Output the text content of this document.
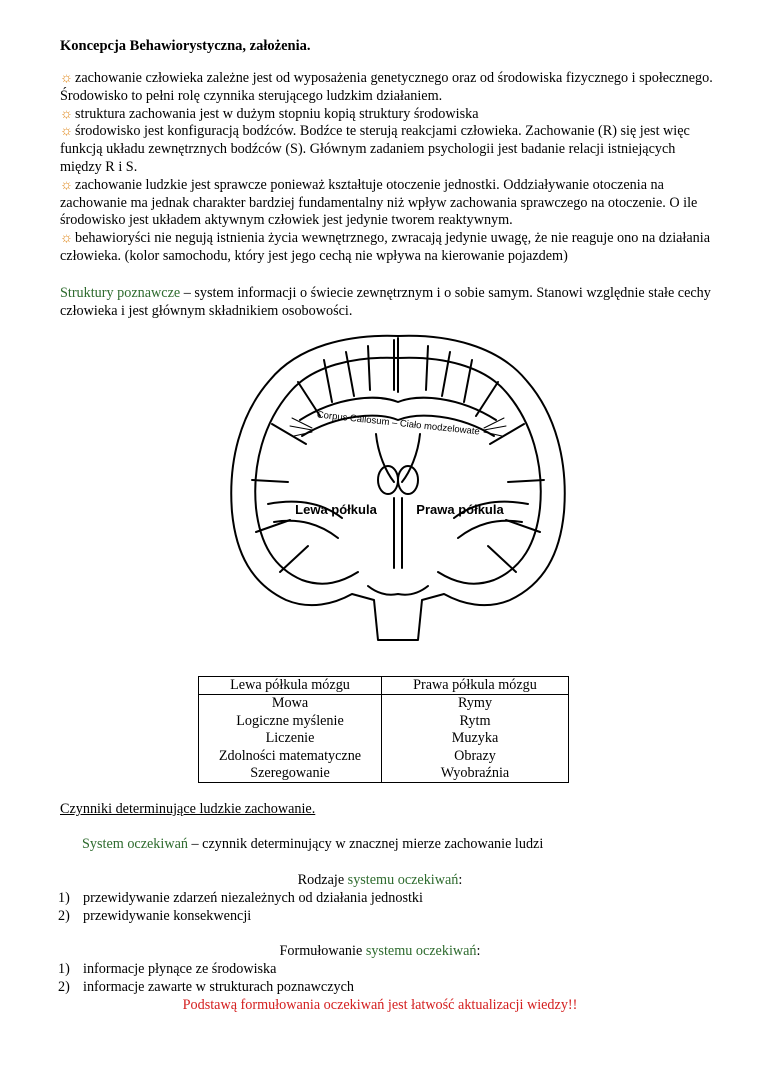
Koncepcja Behawiorystyczna, założenia.

☼ zachowanie człowieka zależne jest od wyposażenia genetycznego oraz od środowiska fizycznego i społecznego. Środowisko to pełni rolę czynnika sterującego ludzkim działaniem.

☼ struktura zachowania jest w dużym stopniu kopią struktury środowiska

☼ środowisko jest konfiguracją bodźców. Bodźce te sterują reakcjami człowieka. Zachowanie (R) się jest więc funkcją układu zewnętrznych bodźców (S). Głównym zadaniem psychologii jest badanie relacji istniejących między R i S.

☼ zachowanie ludzkie jest sprawcze ponieważ kształtuje otoczenie jednostki. Oddziaływanie otoczenia na zachowanie ma jednak charakter bardziej fundamentalny niż wpływ zachowania sprawczego na otoczenie. O ile środowisko jest układem aktywnym człowiek jest jedynie tworem reaktywnym.

☼ behawioryści nie negują istnienia życia wewnętrznego, zwracają jedynie uwagę, że nie reaguje ono na działania człowieka. (kolor samochodu, który jest jego cechą nie wpływa na kierowanie pojazdem)

Struktury poznawcze – system informacji o świecie zewnętrznym i o sobie samym. Stanowi względnie stałe cechy człowieka i jest głównym składnikiem osobowości.
Corpus Callosum – Ciało modzelowate
Lewa półkula	Prawa półkula
Lewa półkula mózgu	Prawa półkula mózgu
Mowa	Rymy
Logiczne myślenie	Rytm
Liczenie	Muzyka
Zdolności matematyczne	Obrazy
Szeregowanie	Wyobraźnia
Czynniki determinujące ludzkie zachowanie.
System oczekiwań – czynnik determinujący w znacznej mierze zachowanie ludzi
Rodzaje systemu oczekiwań:
1) przewidywanie zdarzeń niezależnych od działania jednostki
2) przewidywanie konsekwencji
Formułowanie systemu oczekiwań:
1) informacje płynące ze środowiska
2) informacje zawarte w strukturach poznawczych
Podstawą formułowania oczekiwań jest łatwość aktualizacji wiedzy!!
